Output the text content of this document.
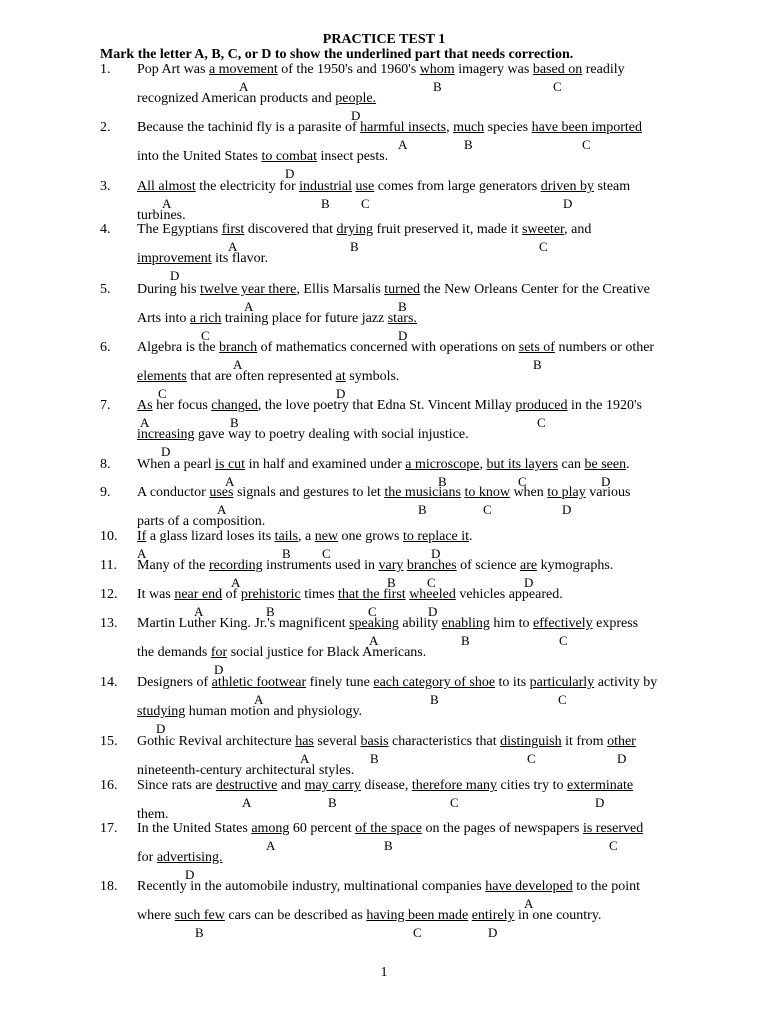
PRACTICE TEST 1
Mark the letter A, B, C, or D to show the underlined part that needs correction.
1. Pop Art was a movement of the 1950's and 1960's whom imagery was based on readily
A	B	C
recognized American products and people.
D
2. Because the tachinid fly is a parasite of harmful insects, much species have been imported
A	B	C
into the United States to combat insect pests.
D
3. All almost the electricity for industrial use comes from large generators driven by steam
A	B C	D
turbines.
4. The Egyptians first discovered that drying fruit preserved it, made it sweeter, and
A	B	C
improvement its flavor.
D
5. During his twelve year there, Ellis Marsalis turned the New Orleans Center for the Creative
A	B
Arts into a rich training place for future jazz stars.
C	D
6. Algebra is the branch of mathematics concerned with operations on sets of numbers or other
A	B
elements that are often represented at symbols.
C	D
7. As her focus changed, the love poetry that Edna St. Vincent Millay produced in the 1920's
A	B	C
increasing gave way to poetry dealing with social injustice.
D
8. When a pearl is cut in half and examined under a microscope, but its layers can be seen.
A	B	C	D
9. A conductor uses signals and gestures to let the musicians to know when to play various
A	B	C	D
parts of a composition.
10. If a glass lizard loses its tails, a new one grows to replace it.
A	B C	D
11. Many of the recording instruments used in vary branches of science are kymographs.
A	B C	D
12. It was near end of prehistoric times that the first wheeled vehicles appeared.
A	B	C	D
13. Martin Luther King. Jr.'s magnificent speaking ability enabling him to effectively express
A	B	C
the demands for social justice for Black Americans.
D
14. Designers of athletic footwear finely tune each category of shoe to its particularly activity by
A	B	C
studying human motion and physiology.
D
15. Gothic Revival architecture has several basis characteristics that distinguish it from other
A	B	C	D
nineteenth-century architectural styles.
16. Since rats are destructive and may carry disease, therefore many cities try to exterminate
A	B	C	D
them.
17. In the United States among 60 percent of the space on the pages of newspapers is reserved
A	B	C
for advertising.
D
18. Recently in the automobile industry, multinational companies have developed to the point
A
where such few cars can be described as having been made entirely in one country.
B	C	D
1
